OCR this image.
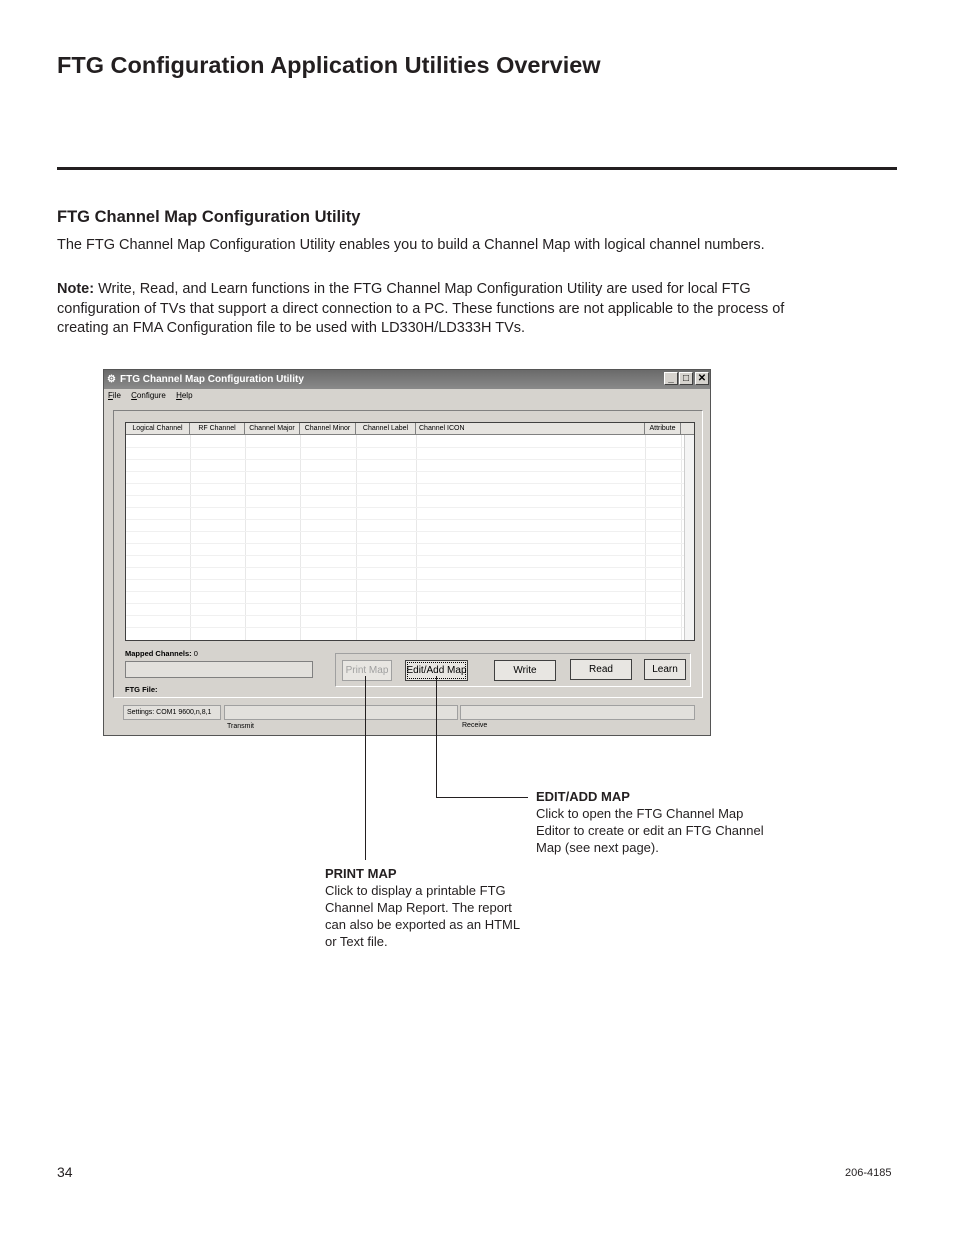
FTG Configuration Application Utilities Overview
FTG Channel Map Configuration Utility

The FTG Channel Map Configuration Utility enables you to build a Channel Map with logical channel numbers.

Note: Write, Read, and Learn functions in the FTG Channel Map Configuration Utility are used for local FTG configuration of TVs that support a direct connection to a PC. These functions are not applicable to the process of creating an FMA Configuration file to be used with LD330H/LD333H TVs.

⚙ FTG Channel Map Configuration Utility	_ □ ✕
File Configure Help
Logical Channel	RF Channel	Channel Major	Channel Minor	Channel Label	Channel ICON	Attribute
Mapped Channels: 0
FTG File:
Print Map	Edit/Add Map	Write	Read	Learn
Settings: COM1 9600,n,8,1
Transmit	Receive

EDIT/ADD MAP
Click to open the FTG Channel Map Editor to create or edit an FTG Channel Map (see next page).

PRINT MAP
Click to display a printable FTG Channel Map Report. The report can also be exported as an HTML or Text file.

34	206-4185
